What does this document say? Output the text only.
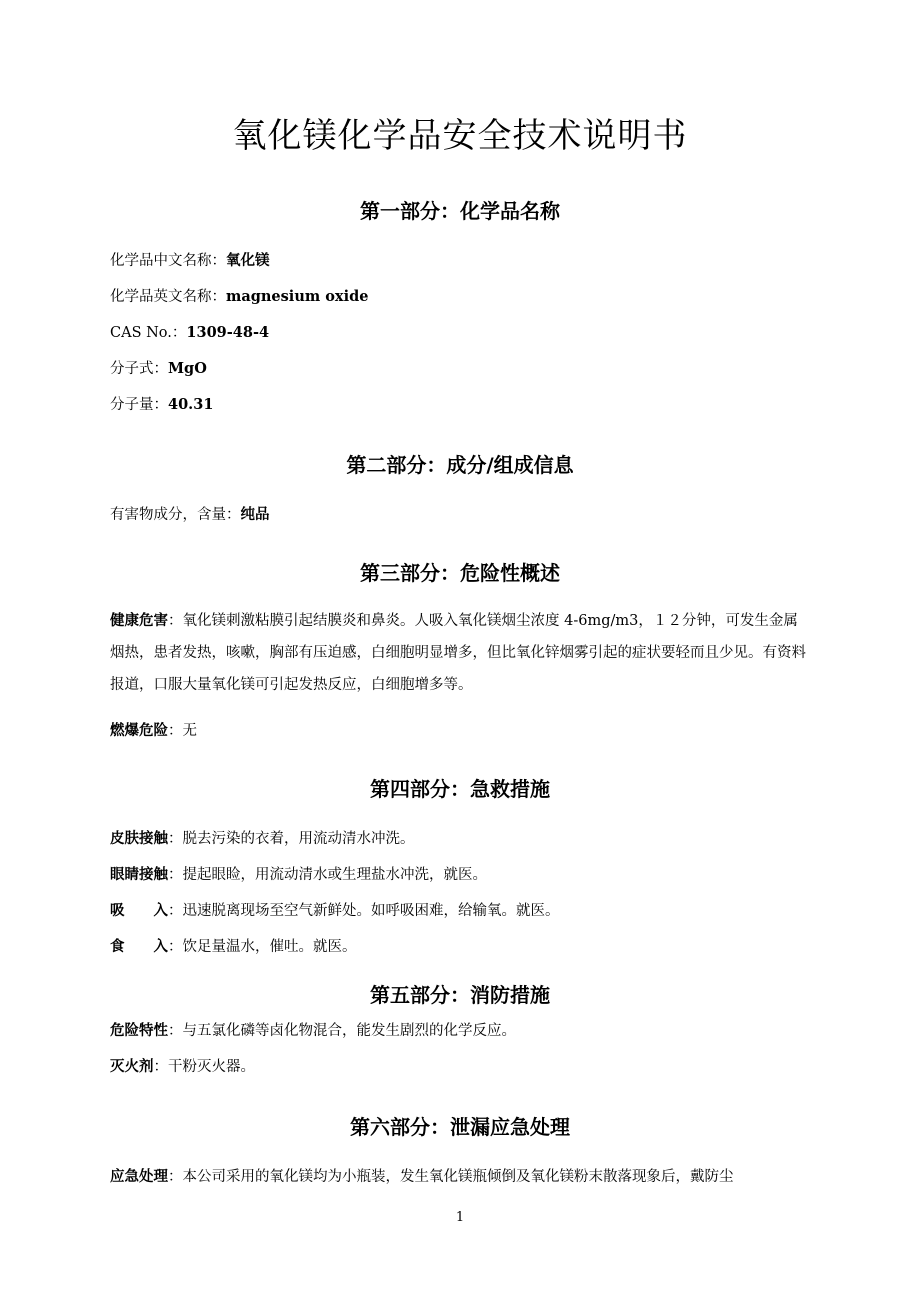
氧化镁化学品安全技术说明书
第一部分：化学品名称
化学品中文名称：氧化镁
化学品英文名称：magnesium oxide
CAS No.：1309-48-4
分子式：MgO
分子量：40.31
第二部分：成分/组成信息
有害物成分，含量：纯品
第三部分：危险性概述
健康危害：氧化镁刺激粘膜引起结膜炎和鼻炎。人吸入氧化镁烟尘浓度 4-6mg/m3，１２分钟，可发生金属烟热，患者发热，咳嗽，胸部有压迫感，白细胞明显增多，但比氧化锌烟雾引起的症状要轻而且少见。有资料报道，口服大量氧化镁可引起发热反应，白细胞增多等。
燃爆危险：无
第四部分：急救措施
皮肤接触：脱去污染的衣着，用流动清水冲洗。
眼睛接触：提起眼睑，用流动清水或生理盐水冲洗，就医。
吸　　入：迅速脱离现场至空气新鲜处。如呼吸困难，给输氧。就医。
食　　入：饮足量温水，催吐。就医。
第五部分：消防措施
危险特性：与五氯化磷等卤化物混合，能发生剧烈的化学反应。
灭火剂：干粉灭火器。
第六部分：泄漏应急处理
应急处理：本公司采用的氧化镁均为小瓶装，发生氧化镁瓶倾倒及氧化镁粉末散落现象后，戴防尘
1
